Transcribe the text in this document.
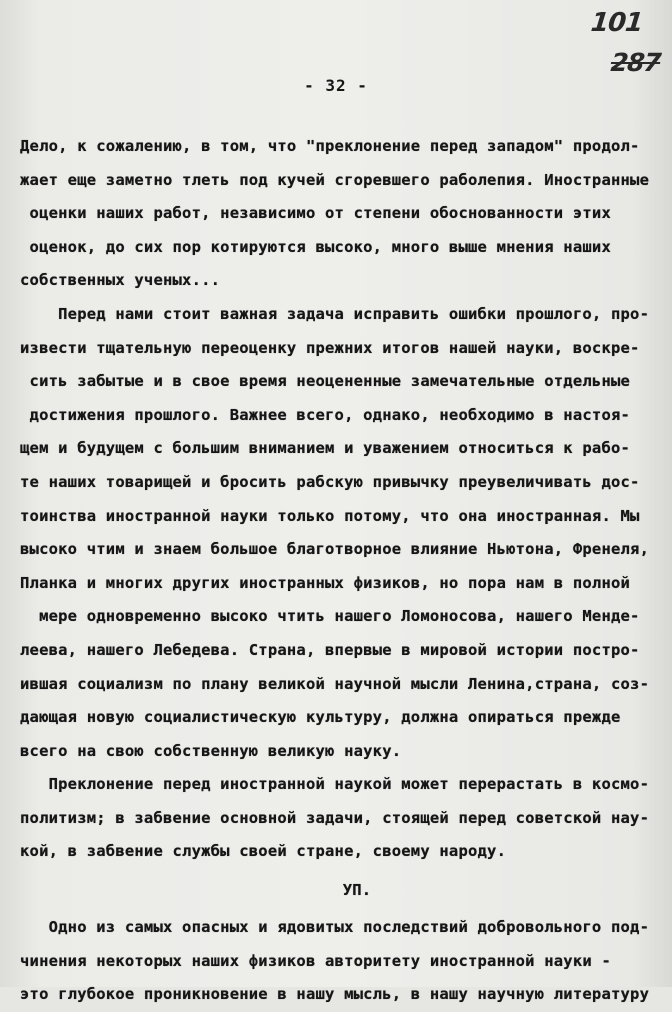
101
287
- 32 -
Дело, к сожалению, в том, что "преклонение перед западом" продол-
жает еще заметно тлеть под кучей сгоревшего раболепия. Иностранные
оценки наших работ, независимо от степени обоснованности этих
оценок, до сих пор котируются высоко, много выше мнения наших
собственных ученых...
Перед нами стоит важная задача исправить ошибки прошлого, про-
извести тщательную переоценку прежних итогов нашей науки, воскре-
сить забытые и в свое время неоцененные замечательные отдельные
достижения прошлого. Важнее всего, однако, необходимо в настоя-
щем и будущем с большим вниманием и уважением относиться к рабо-
те наших товарищей и бросить рабскую привычку преувеличивать дос-
тоинства иностранной науки только потому, что она иностранная. Мы
высоко чтим и знаем большое благотворное влияние Ньютона, Френеля,
Планка и многих других иностранных физиков, но пора нам в полной
мере одновременно высоко чтить нашего Ломоносова, нашего Менде-
леева, нашего Лебедева. Страна, впервые в мировой истории постро-
ившая социализм по плану великой научной мысли Ленина,страна, соз-
дающая новую социалистическую культуру, должна опираться прежде
всего на свою собственную великую науку.
Преклонение перед иностранной наукой может перерастать в космо-
политизм; в забвение основной задачи, стоящей перед советской нау-
кой, в забвение службы своей стране, своему народу.
УП.
Одно из самых опасных и ядовитых последствий добровольного под-
чинения некоторых наших физиков авторитету иностранной науки -
это глубокое проникновение в нашу мысль, в нашу научную литературу
